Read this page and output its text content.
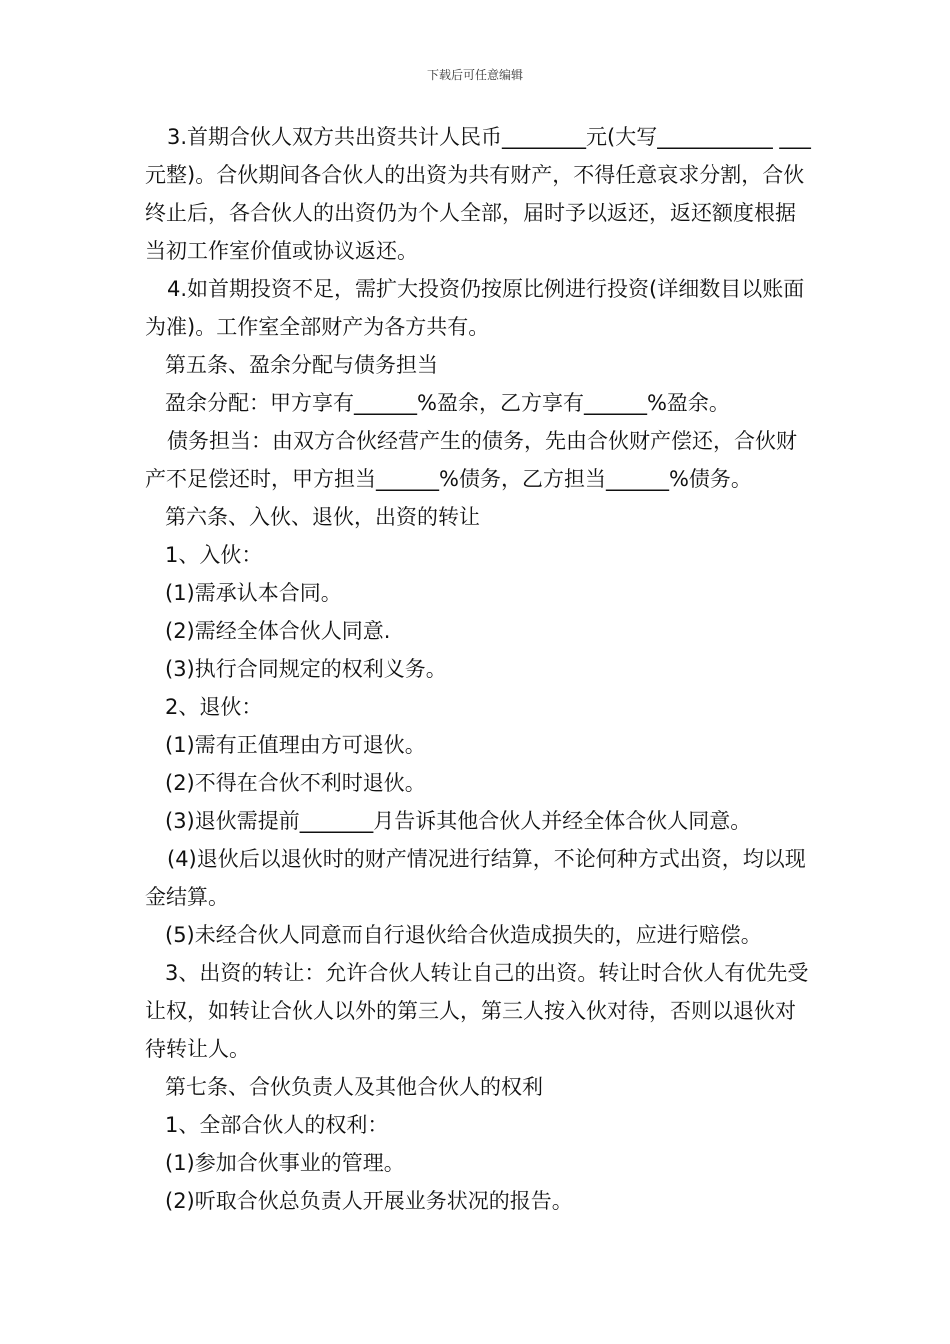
下载后可任意编辑

3.首期合伙人双方共出资共计人民币________元(大写___________ ___元整)。合伙期间各合伙人的出资为共有财产，不得任意哀求分割，合伙终止后，各合伙人的出资仍为个人全部，届时予以返还，返还额度根据当初工作室价值或协议返还。

4.如首期投资不足，需扩大投资仍按原比例进行投资(详细数目以账面为准)。工作室全部财产为各方共有。

第五条、盈余分配与债务担当

盈余分配：甲方享有______%盈余，乙方享有______%盈余。

债务担当：由双方合伙经营产生的债务，先由合伙财产偿还，合伙财产不足偿还时，甲方担当______%债务，乙方担当______%债务。

第六条、入伙、退伙，出资的转让

1、入伙：

(1)需承认本合同。

(2)需经全体合伙人同意.

(3)执行合同规定的权利义务。

2、退伙：

(1)需有正值理由方可退伙。

(2)不得在合伙不利时退伙。

(3)退伙需提前_______月告诉其他合伙人并经全体合伙人同意。

(4)退伙后以退伙时的财产情况进行结算，不论何种方式出资，均以现金结算。

(5)未经合伙人同意而自行退伙给合伙造成损失的，应进行赔偿。

3、出资的转让：允许合伙人转让自己的出资。转让时合伙人有优先受让权，如转让合伙人以外的第三人，第三人按入伙对待，否则以退伙对待转让人。

第七条、合伙负责人及其他合伙人的权利

1、全部合伙人的权利：

(1)参加合伙事业的管理。

(2)听取合伙总负责人开展业务状况的报告。
